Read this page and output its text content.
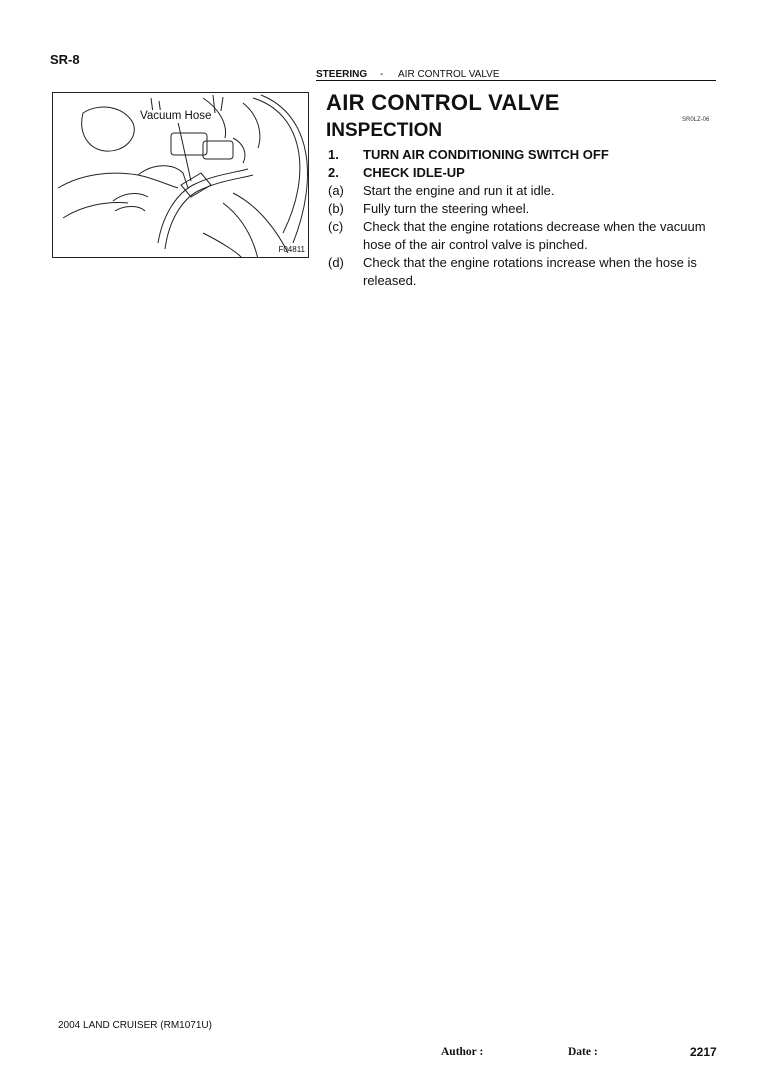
SR-8
STEERING - AIR CONTROL VALVE
Vacuum Hose
F04811
AIR CONTROL VALVE
SR0LZ-06
INSPECTION
1. TURN AIR CONDITIONING SWITCH OFF
2. CHECK IDLE-UP
(a) Start the engine and run it at idle.
(b) Fully turn the steering wheel.
(c) Check that the engine rotations decrease when the vacuum hose of the air control valve is pinched.
(d) Check that the engine rotations increase when the hose is released.
2004 LAND CRUISER (RM1071U)
Author :	Date :	2217
